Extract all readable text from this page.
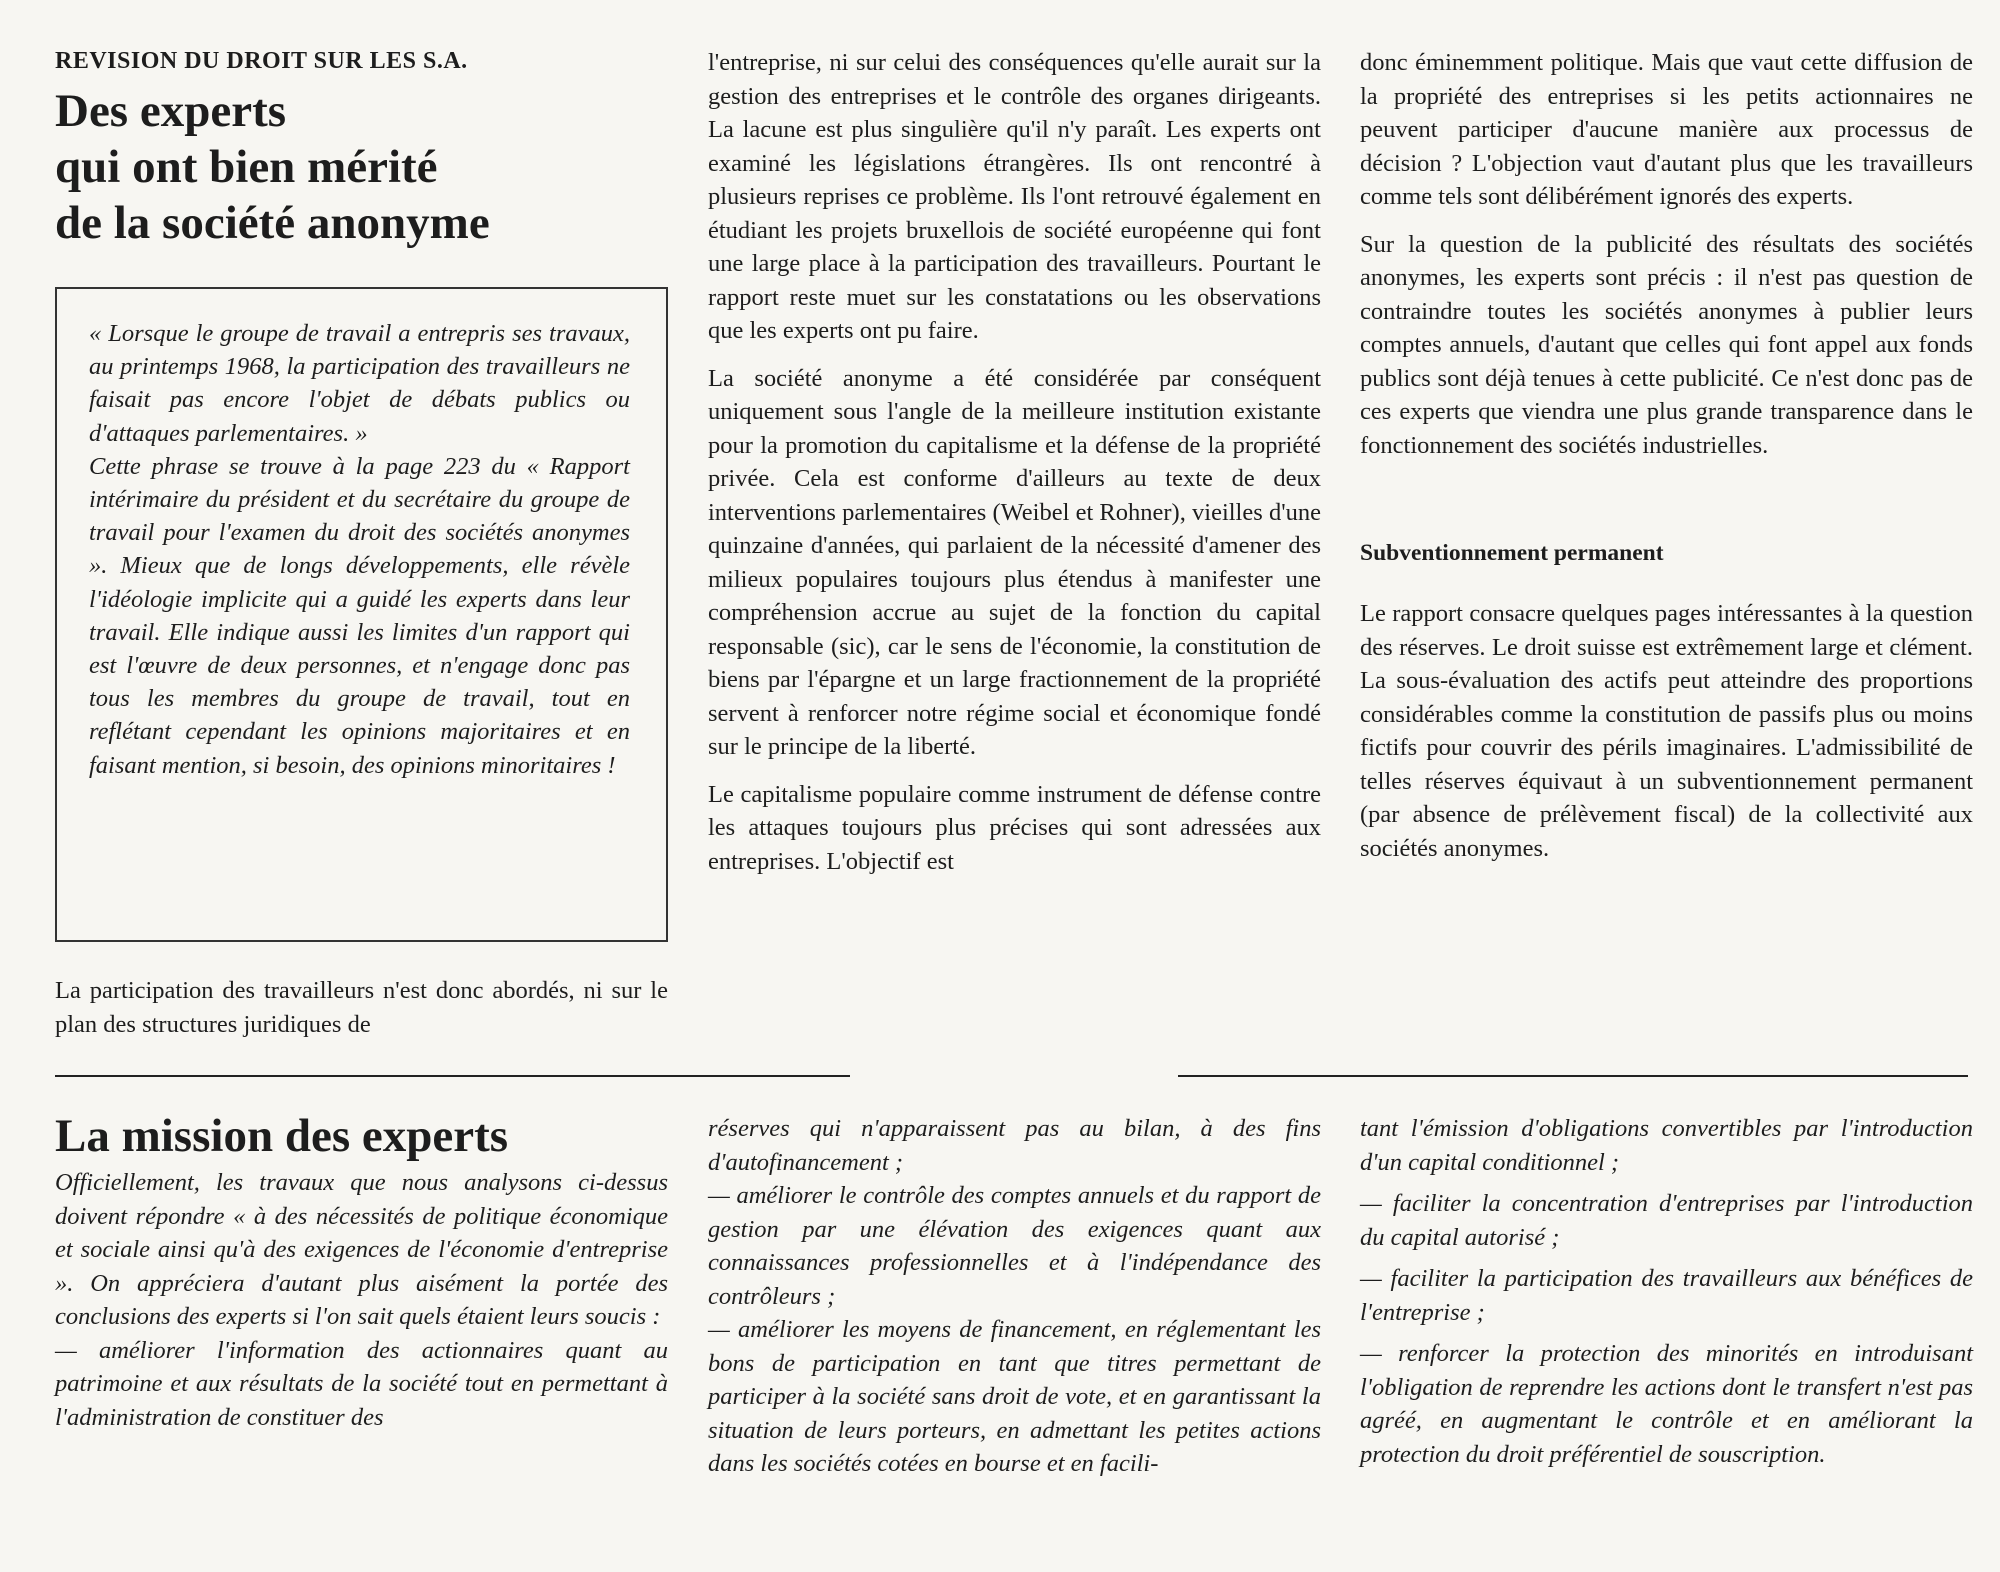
REVISION DU DROIT SUR LES S.A.

Des experts
qui ont bien mérité
de la société anonyme

« Lorsque le groupe de travail a entrepris ses travaux, au printemps 1968, la participation des travailleurs ne faisait pas encore l'objet de débats publics ou d'attaques parlementaires. »

Cette phrase se trouve à la page 223 du « Rapport intérimaire du président et du secrétaire du groupe de travail pour l'examen du droit des sociétés anonymes ». Mieux que de longs développements, elle révèle l'idéologie implicite qui a guidé les experts dans leur travail. Elle indique aussi les limites d'un rapport qui est l'œuvre de deux personnes, et n'engage donc pas tous les membres du groupe de travail, tout en reflétant cependant les opinions majoritaires et en faisant mention, si besoin, des opinions minoritaires !

La participation des travailleurs n'est donc abordés, ni sur le plan des structures juridiques de

l'entreprise, ni sur celui des conséquences qu'elle aurait sur la gestion des entreprises et le contrôle des organes dirigeants. La lacune est plus singulière qu'il n'y paraît. Les experts ont examiné les législations étrangères. Ils ont rencontré à plusieurs reprises ce problème. Ils l'ont retrouvé également en étudiant les projets bruxellois de société européenne qui font une large place à la participation des travailleurs. Pourtant le rapport reste muet sur les constatations ou les observations que les experts ont pu faire.

La société anonyme a été considérée par conséquent uniquement sous l'angle de la meilleure institution existante pour la promotion du capitalisme et la défense de la propriété privée. Cela est conforme d'ailleurs au texte de deux interventions parlementaires (Weibel et Rohner), vieilles d'une quinzaine d'années, qui parlaient de la nécessité d'amener des milieux populaires toujours plus étendus à manifester une compréhension accrue au sujet de la fonction du capital responsable (sic), car le sens de l'économie, la constitution de biens par l'épargne et un large fractionnement de la propriété servent à renforcer notre régime social et économique fondé sur le principe de la liberté.

Le capitalisme populaire comme instrument de défense contre les attaques toujours plus précises qui sont adressées aux entreprises. L'objectif est

donc éminemment politique. Mais que vaut cette diffusion de la propriété des entreprises si les petits actionnaires ne peuvent participer d'aucune manière aux processus de décision ? L'objection vaut d'autant plus que les travailleurs comme tels sont délibérément ignorés des experts.

Sur la question de la publicité des résultats des sociétés anonymes, les experts sont précis : il n'est pas question de contraindre toutes les sociétés anonymes à publier leurs comptes annuels, d'autant que celles qui font appel aux fonds publics sont déjà tenues à cette publicité. Ce n'est donc pas de ces experts que viendra une plus grande transparence dans le fonctionnement des sociétés industrielles.

Subventionnement permanent

Le rapport consacre quelques pages intéressantes à la question des réserves. Le droit suisse est extrêmement large et clément. La sous-évaluation des actifs peut atteindre des proportions considérables comme la constitution de passifs plus ou moins fictifs pour couvrir des périls imaginaires. L'admissibilité de telles réserves équivaut à un subventionnement permanent (par absence de prélèvement fiscal) de la collectivité aux sociétés anonymes.

La mission des experts

Officiellement, les travaux que nous analysons ci-dessus doivent répondre « à des nécessités de politique économique et sociale ainsi qu'à des exigences de l'économie d'entreprise ». On appréciera d'autant plus aisément la portée des conclusions des experts si l'on sait quels étaient leurs soucis :

— améliorer l'information des actionnaires quant au patrimoine et aux résultats de la société tout en permettant à l'administration de constituer des

réserves qui n'apparaissent pas au bilan, à des fins d'autofinancement ;

— améliorer le contrôle des comptes annuels et du rapport de gestion par une élévation des exigences quant aux connaissances professionnelles et à l'indépendance des contrôleurs ;

— améliorer les moyens de financement, en réglementant les bons de participation en tant que titres permettant de participer à la société sans droit de vote, et en garantissant la situation de leurs porteurs, en admettant les petites actions dans les sociétés cotées en bourse et en facili-

tant l'émission d'obligations convertibles par l'introduction d'un capital conditionnel ;

— faciliter la concentration d'entreprises par l'introduction du capital autorisé ;

— faciliter la participation des travailleurs aux bénéfices de l'entreprise ;

— renforcer la protection des minorités en introduisant l'obligation de reprendre les actions dont le transfert n'est pas agréé, en augmentant le contrôle et en améliorant la protection du droit préférentiel de souscription.
